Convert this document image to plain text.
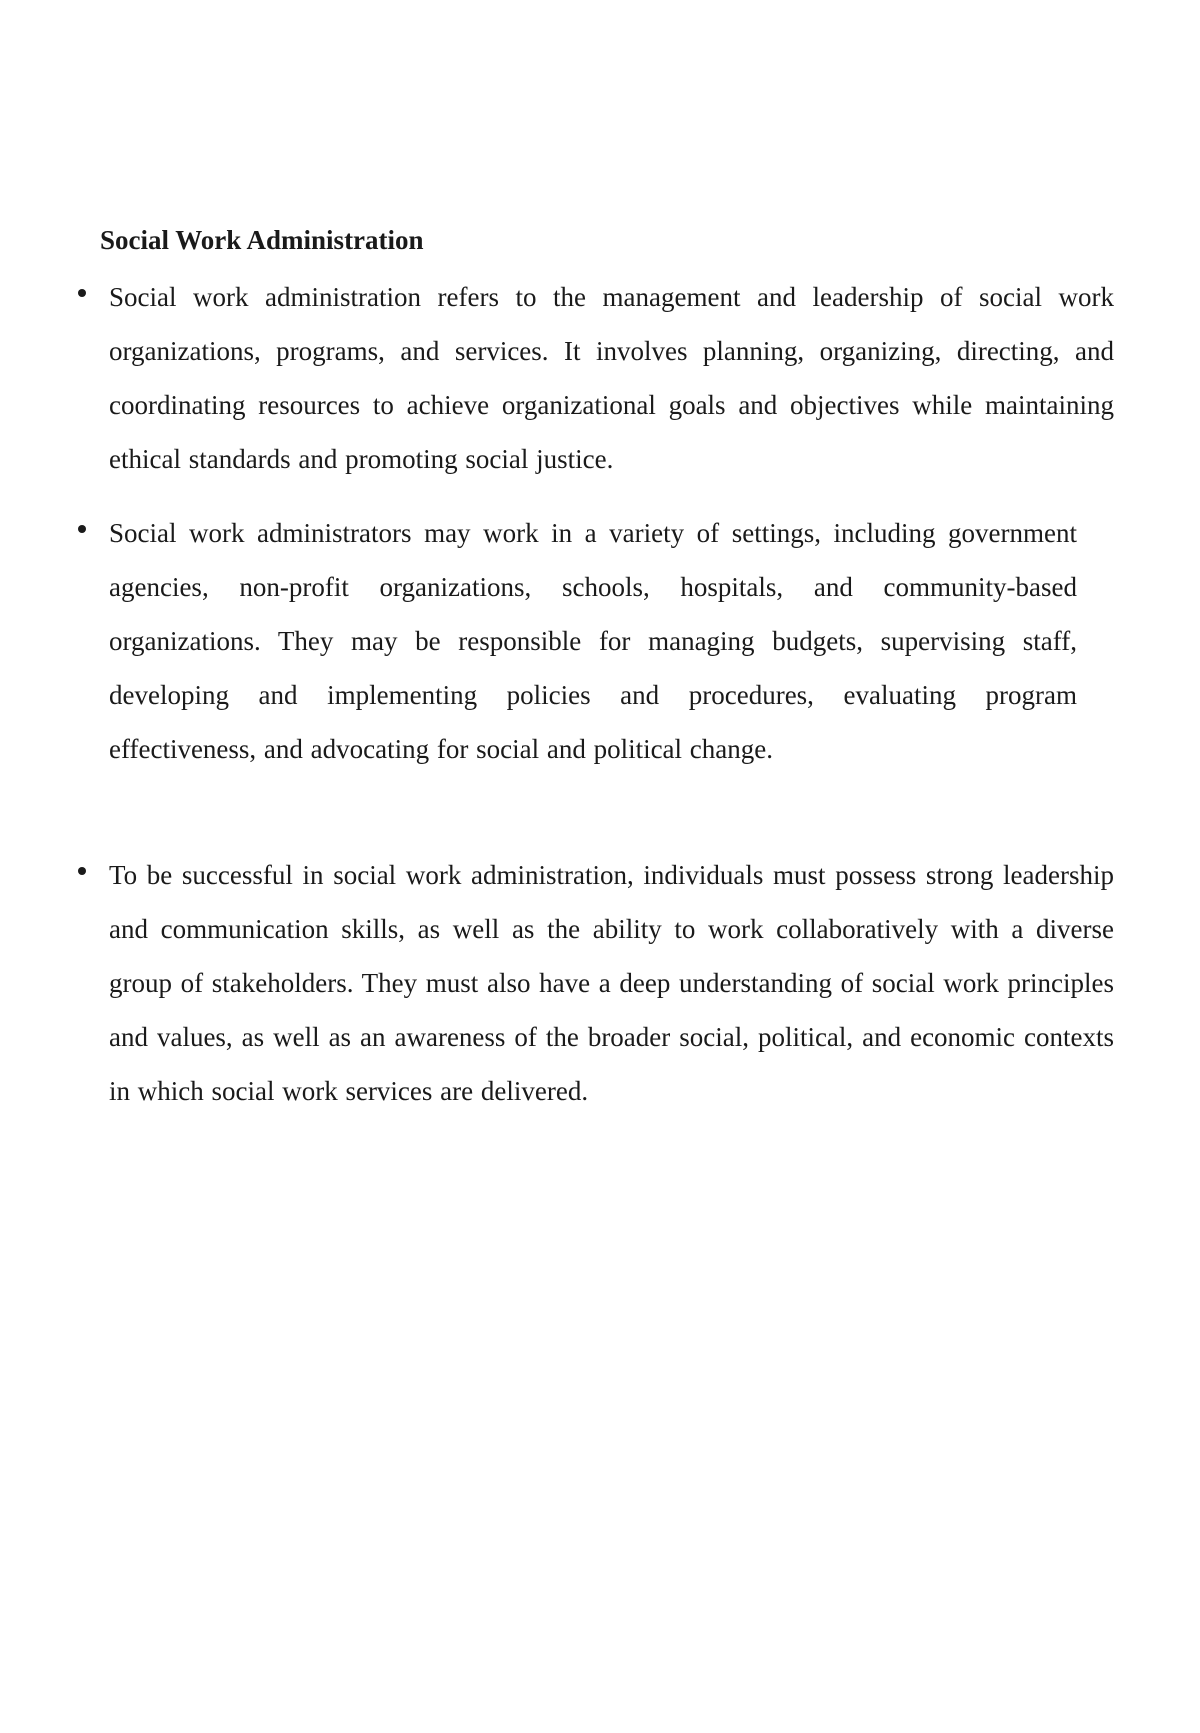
Social Work Administration

Social work administration refers to the management and leadership of social work organizations, programs, and services. It involves planning, organizing, directing, and coordinating resources to achieve organizational goals and objectives while maintaining ethical standards and promoting social justice.

Social work administrators may work in a variety of settings, including government agencies, non-profit organizations, schools, hospitals, and community-based organizations. They may be responsible for managing budgets, supervising staff, developing and implementing policies and procedures, evaluating program effectiveness, and advocating for social and political change.

To be successful in social work administration, individuals must possess strong leadership and communication skills, as well as the ability to work collaboratively with a diverse group of stakeholders. They must also have a deep understanding of social work principles and values, as well as an awareness of the broader social, political, and economic contexts in which social work services are delivered.
